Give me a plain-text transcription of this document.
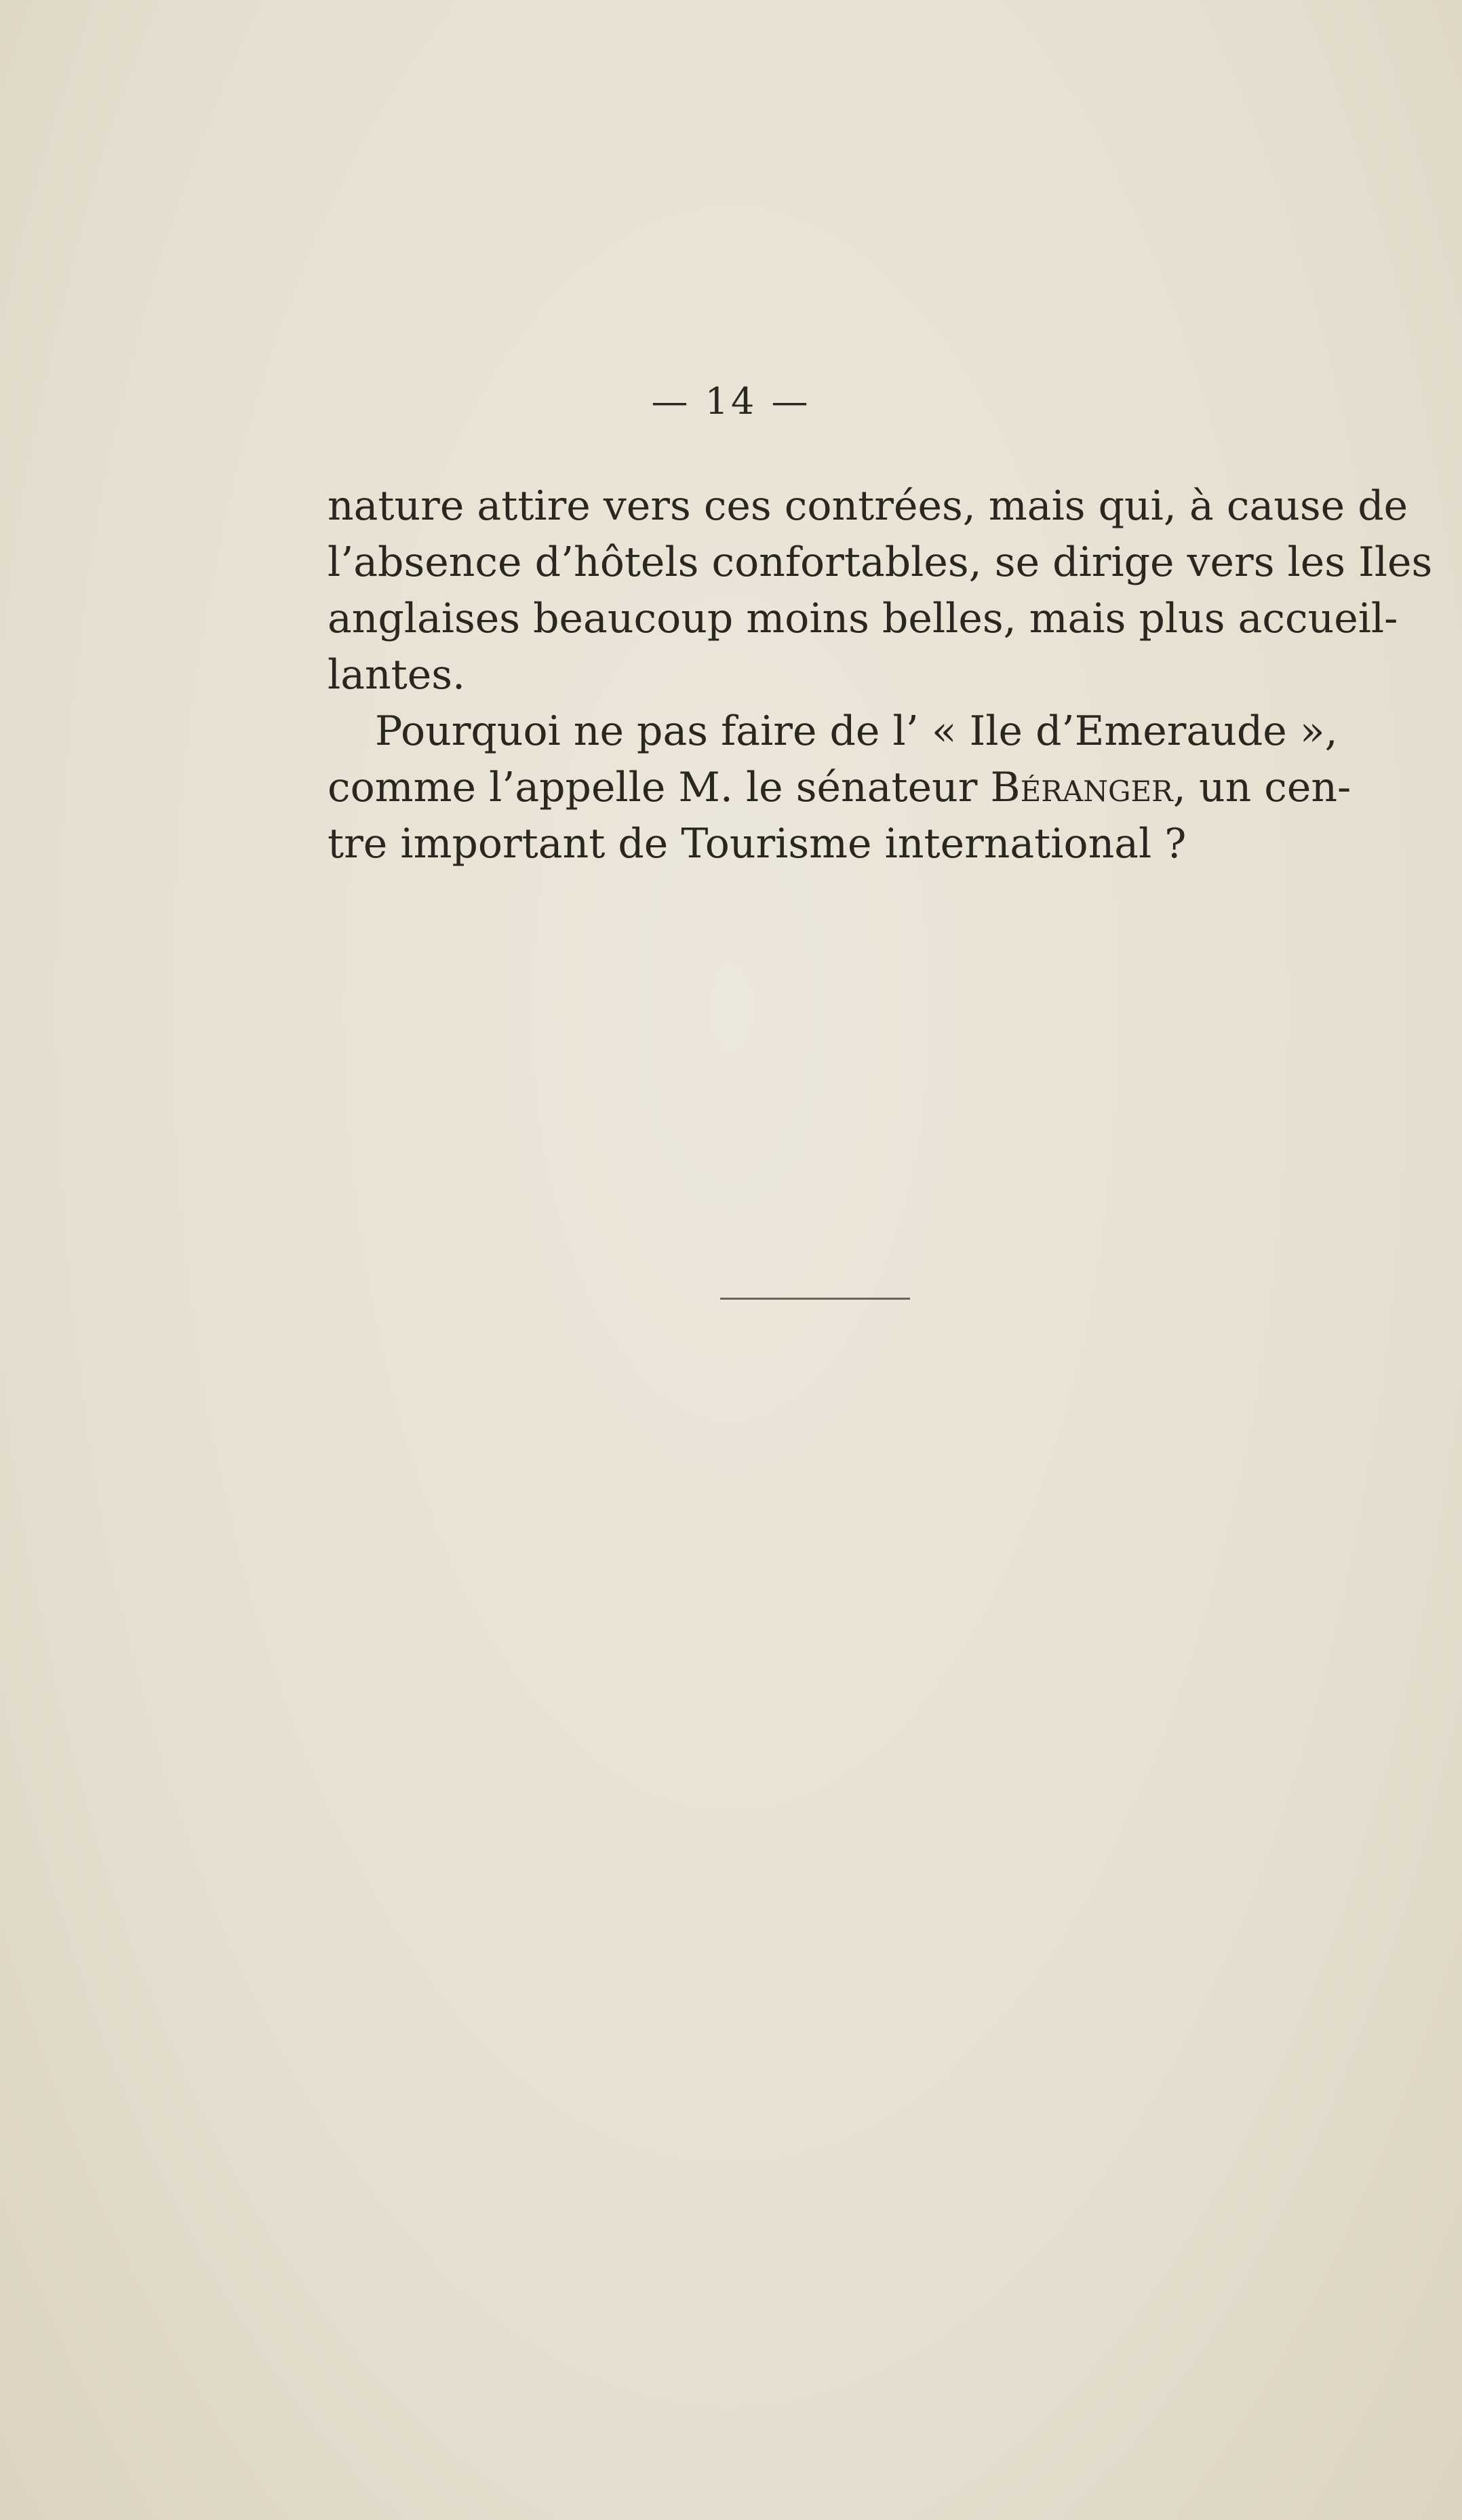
— 14 —

nature attire vers ces contrées, mais qui, à cause de
l’absence d’hôtels confortables, se dirige vers les Iles
anglaises beaucoup moins belles, mais plus accueil-
lantes.

Pourquoi ne pas faire de l’ « Ile d’Emeraude »,
comme l’appelle M. le sénateur Béranger, un cen-
tre important de Tourisme international ?
